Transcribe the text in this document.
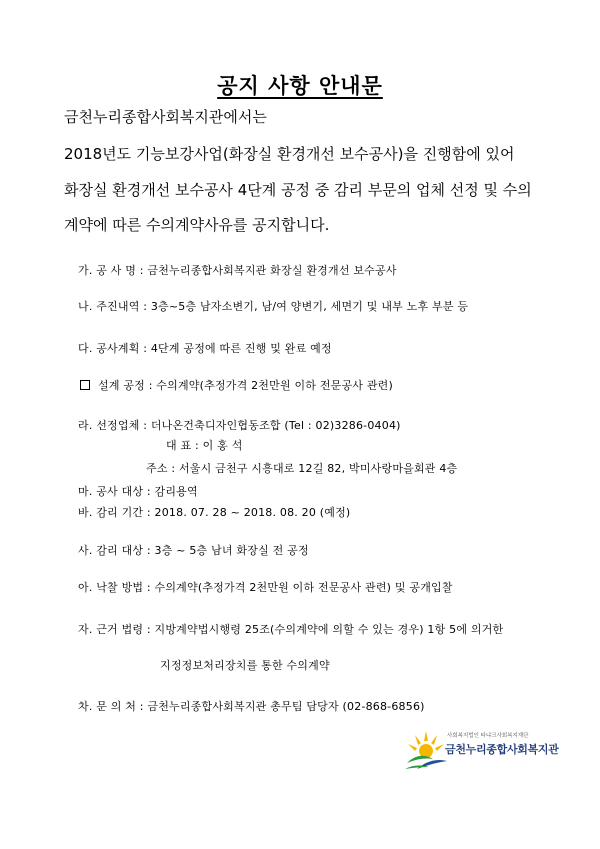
공지 사항 안내문
금천누리종합사회복지관에서는
2018년도 기능보강사업(화장실 환경개선 보수공사)을 진행함에 있어
화장실 환경개선 보수공사 4단계 공정 중 감리 부문의 업체 선정 및 수의
계약에 따른 수의계약사유를 공지합니다.
가. 공 사 명 : 금천누리종합사회복지관 화장실 환경개선 보수공사
나. 주진내역 : 3층~5층 남자소변기, 남/여 양변기, 세면기 및 내부 노후 부분 등
다. 공사계획 : 4단계 공정에 따른 진행 및 완료 예정
설계 공정 : 수의계약(추정가격 2천만원 이하 전문공사 관련)
라. 선정업체 : 더나온건축디자인협동조합 (Tel : 02)3286-0404)
대 표 : 이 홍 석
주소 : 서울시 금천구 시흥대로 12길 82, 박미사랑마을회관 4층
마. 공사 대상 : 감리용역
바. 감리 기간 : 2018. 07. 28 ~ 2018. 08. 20 (예정)
사. 감리 대상 : 3층 ~ 5층 남녀 화장실 전 공정
아. 낙찰 방법 : 수의계약(추정가격 2천만원 이하 전문공사 관련) 및 공개입찰
자. 근거 법령 : 지방계약법시행령 25조(수의계약에 의할 수 있는 경우) 1항 5에 의거한
지정정보처리장치를 통한 수의계약
차. 문 의 처 : 금천누리종합사회복지관 총무팀 담당자 (02-868-6856)
사회복지법인 타냐크사회복지재단
금천누리종합사회복지관
